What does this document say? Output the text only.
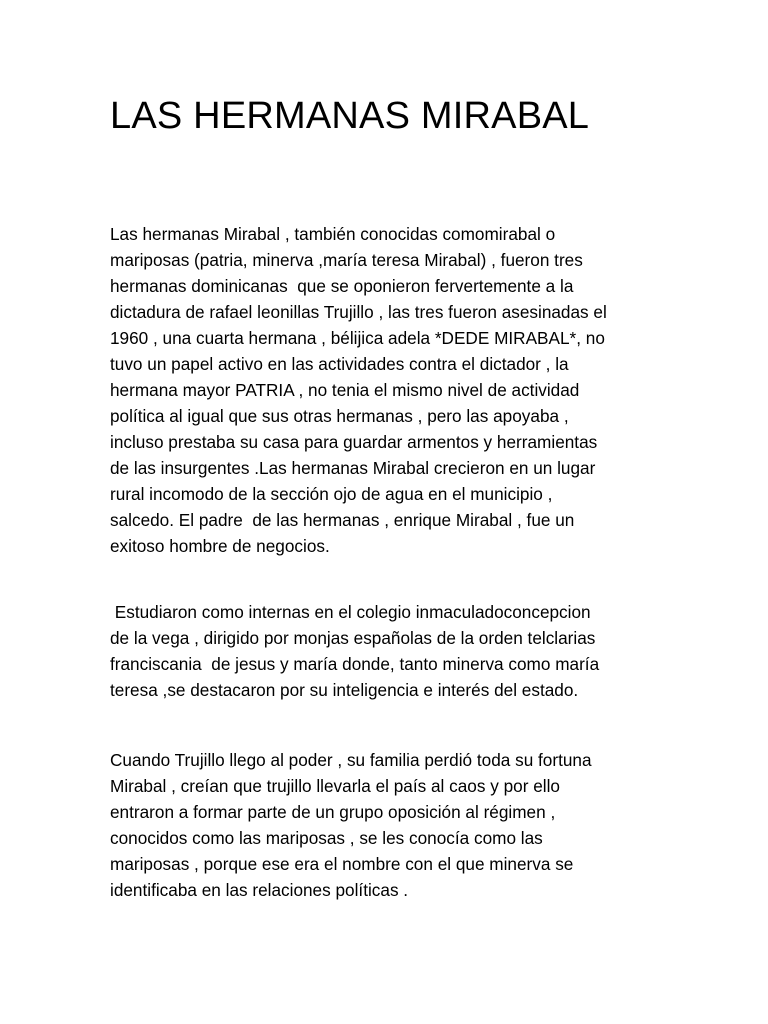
LAS HERMANAS MIRABAL

Las hermanas Mirabal , también conocidas comomirabal o
mariposas (patria, minerva ,maría teresa Mirabal) , fueron tres
hermanas dominicanas  que se oponieron fervertemente a la
dictadura de rafael leonillas Trujillo , las tres fueron asesinadas el
1960 , una cuarta hermana , bélijica adela *DEDE MIRABAL*, no
tuvo un papel activo en las actividades contra el dictador , la
hermana mayor PATRIA , no tenia el mismo nivel de actividad
política al igual que sus otras hermanas , pero las apoyaba ,
incluso prestaba su casa para guardar armentos y herramientas
de las insurgentes .Las hermanas Mirabal crecieron en un lugar
rural incomodo de la sección ojo de agua en el municipio ,
salcedo. El padre  de las hermanas , enrique Mirabal , fue un
exitoso hombre de negocios.

Estudiaron como internas en el colegio inmaculadoconcepcion
de la vega , dirigido por monjas españolas de la orden telclarias
franciscania  de jesus y maría donde, tanto minerva como maría
teresa ,se destacaron por su inteligencia e interés del estado.

Cuando Trujillo llego al poder , su familia perdió toda su fortuna
Mirabal , creían que trujillo llevarla el país al caos y por ello
entraron a formar parte de un grupo oposición al régimen ,
conocidos como las mariposas , se les conocía como las
mariposas , porque ese era el nombre con el que minerva se
identificaba en las relaciones políticas .
